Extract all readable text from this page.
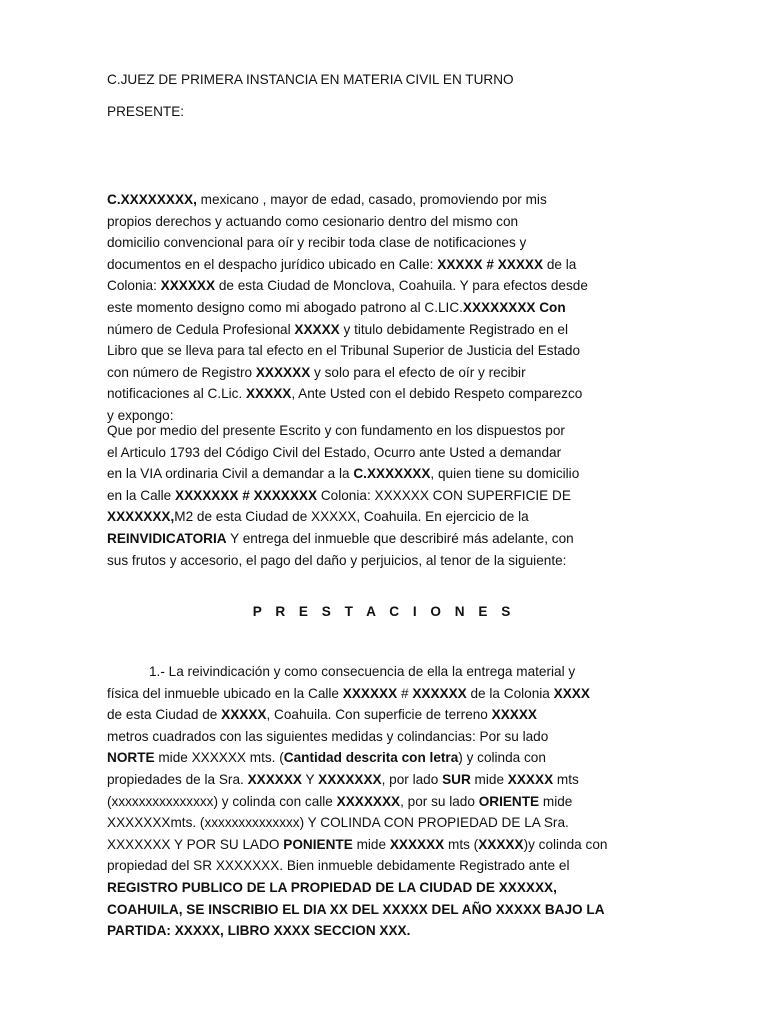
C.JUEZ DE PRIMERA INSTANCIA EN MATERIA CIVIL EN TURNO
PRESENTE:
C.XXXXXXXX, mexicano , mayor de edad, casado, promoviendo por mis
propios derechos y actuando como cesionario dentro del mismo con
domicilio convencional para oír y recibir toda clase de notificaciones y
documentos en el despacho jurídico ubicado en Calle: XXXXX # XXXXX de la
Colonia: XXXXXX de esta Ciudad de Monclova, Coahuila. Y para efectos desde
este momento designo como mi abogado patrono al C.LIC.XXXXXXXX Con
número de Cedula Profesional XXXXX y titulo debidamente Registrado en el
Libro que se lleva para tal efecto en el Tribunal Superior de Justicia del Estado
con número de Registro XXXXXX y solo para el efecto de oír y recibir
notificaciones al C.Lic. XXXXX, Ante Usted con el debido Respeto comparezco
y expongo:
Que por medio del presente Escrito y con fundamento en los dispuestos por
el Articulo 1793 del Código Civil del Estado, Ocurro ante Usted a demandar
en la VIA ordinaria Civil a demandar a la C.XXXXXXX, quien tiene su domicilio
en la Calle XXXXXXX # XXXXXXX Colonia: XXXXXX CON SUPERFICIE DE
XXXXXXX,M2 de esta Ciudad de XXXXX, Coahuila. En ejercicio de la
REINVIDICATORIA Y entrega del inmueble que describiré más adelante, con
sus frutos y accesorio, el pago del daño y perjuicios, al tenor de la siguiente:
P R E S T A C I O N E S
1.- La reivindicación y como consecuencia de ella la entrega material y
física del inmueble ubicado en la Calle XXXXXX # XXXXXX de la Colonia XXXX
de esta Ciudad de XXXXX, Coahuila. Con superficie de terreno XXXXX
metros cuadrados con las siguientes medidas y colindancias: Por su lado
NORTE mide XXXXXX mts. (Cantidad descrita con letra) y colinda con
propiedades de la Sra. XXXXXX Y XXXXXXX, por lado SUR mide XXXXX mts
(xxxxxxxxxxxxxxx) y colinda con calle XXXXXXX, por su lado ORIENTE mide
XXXXXXXmts. (xxxxxxxxxxxxxx) Y COLINDA CON PROPIEDAD DE LA Sra.
XXXXXXX Y POR SU LADO PONIENTE mide XXXXXX mts (XXXXX)y colinda con
propiedad del SR XXXXXXX. Bien inmueble debidamente Registrado ante el
REGISTRO PUBLICO DE LA PROPIEDAD DE LA CIUDAD DE XXXXXX,
COAHUILA, SE INSCRIBIO EL DIA XX DEL XXXXX DEL AÑO XXXXX BAJO LA
PARTIDA: XXXXX, LIBRO XXXX SECCION XXX.
